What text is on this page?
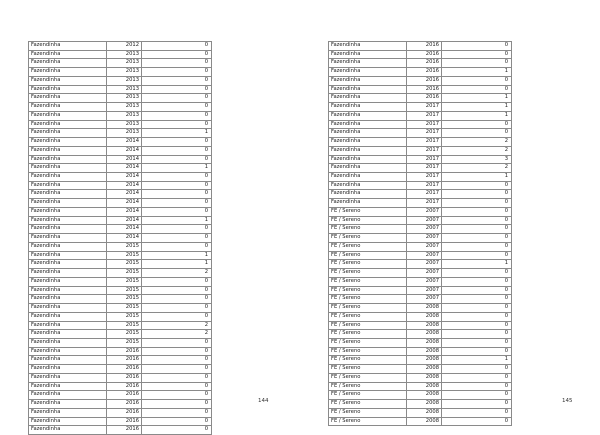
Fazendinha	2012	0
Fazendinha	2013	0
Fazendinha	2013	0
Fazendinha	2013	0
Fazendinha	2013	0
Fazendinha	2013	0
Fazendinha	2013	0
Fazendinha	2013	0
Fazendinha	2013	0
Fazendinha	2013	0
Fazendinha	2013	1
Fazendinha	2014	0
Fazendinha	2014	0
Fazendinha	2014	0
Fazendinha	2014	1
Fazendinha	2014	0
Fazendinha	2014	0
Fazendinha	2014	0
Fazendinha	2014	0
Fazendinha	2014	0
Fazendinha	2014	1
Fazendinha	2014	0
Fazendinha	2014	0
Fazendinha	2015	0
Fazendinha	2015	1
Fazendinha	2015	1
Fazendinha	2015	2
Fazendinha	2015	0
Fazendinha	2015	0
Fazendinha	2015	0
Fazendinha	2015	0
Fazendinha	2015	0
Fazendinha	2015	2
Fazendinha	2015	2
Fazendinha	2015	0
Fazendinha	2016	0
Fazendinha	2016	0
Fazendinha	2016	0
Fazendinha	2016	0
Fazendinha	2016	0
Fazendinha	2016	0
Fazendinha	2016	0
Fazendinha	2016	0
Fazendinha	2016	0
Fazendinha	2016	0
144
Fazendinha	2016	0
Fazendinha	2016	0
Fazendinha	2016	0
Fazendinha	2016	1
Fazendinha	2016	0
Fazendinha	2016	0
Fazendinha	2016	1
Fazendinha	2017	1
Fazendinha	2017	1
Fazendinha	2017	0
Fazendinha	2017	0
Fazendinha	2017	2
Fazendinha	2017	2
Fazendinha	2017	3
Fazendinha	2017	2
Fazendinha	2017	1
Fazendinha	2017	0
Fazendinha	2017	0
Fazendinha	2017	0
FE / Sereno	2007	0
FE / Sereno	2007	0
FE / Sereno	2007	0
FE / Sereno	2007	0
FE / Sereno	2007	0
FE / Sereno	2007	0
FE / Sereno	2007	1
FE / Sereno	2007	0
FE / Sereno	2007	0
FE / Sereno	2007	0
FE / Sereno	2007	0
FE / Sereno	2008	0
FE / Sereno	2008	0
FE / Sereno	2008	0
FE / Sereno	2008	0
FE / Sereno	2008	0
FE / Sereno	2008	0
FE / Sereno	2008	1
FE / Sereno	2008	0
FE / Sereno	2008	0
FE / Sereno	2008	0
FE / Sereno	2008	0
FE / Sereno	2008	0
FE / Sereno	2008	0
FE / Sereno	2008	0
145
